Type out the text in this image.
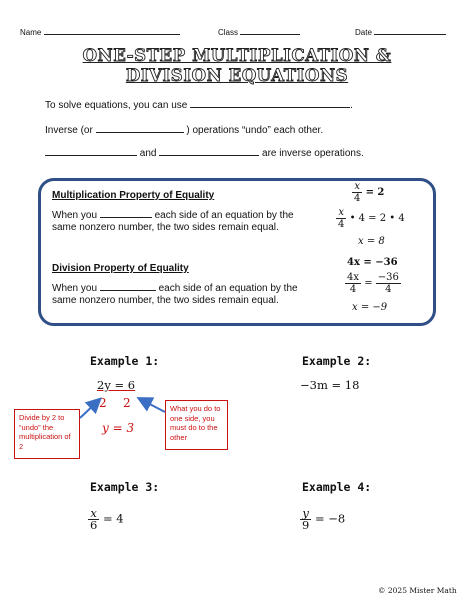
Name	Class	Date
ONE-STEP MULTIPLICATION &
DIVISION EQUATIONS
To solve equations, you can use	.
Inverse (or	) operations “undo” each other.
and	are inverse operations.
Multiplication Property of Equality
When you	each side of an equation by the
same nonzero number, the two sides remain equal.
$\frac{x}{4} = 2$
$\frac{x}{4}$ • 4 = 2 • 4
x = 8
Division Property of Equality
When you	each side of an equation by the
same nonzero number, the two sides remain equal.
4x = −36
$\frac{4x}{4} = \frac{-36}{4}$
x = −9
Example 1:
2y = 6
2 2
y = 3
Divide by 2 to “undo” the multiplication of 2
What you do to one side, you must do to the other
Example 2:
−3m = 18
Example 3:
$\frac{x}{6} = 4$
Example 4:
$\frac{y}{9} = -8$
© 2025 Mister Math
